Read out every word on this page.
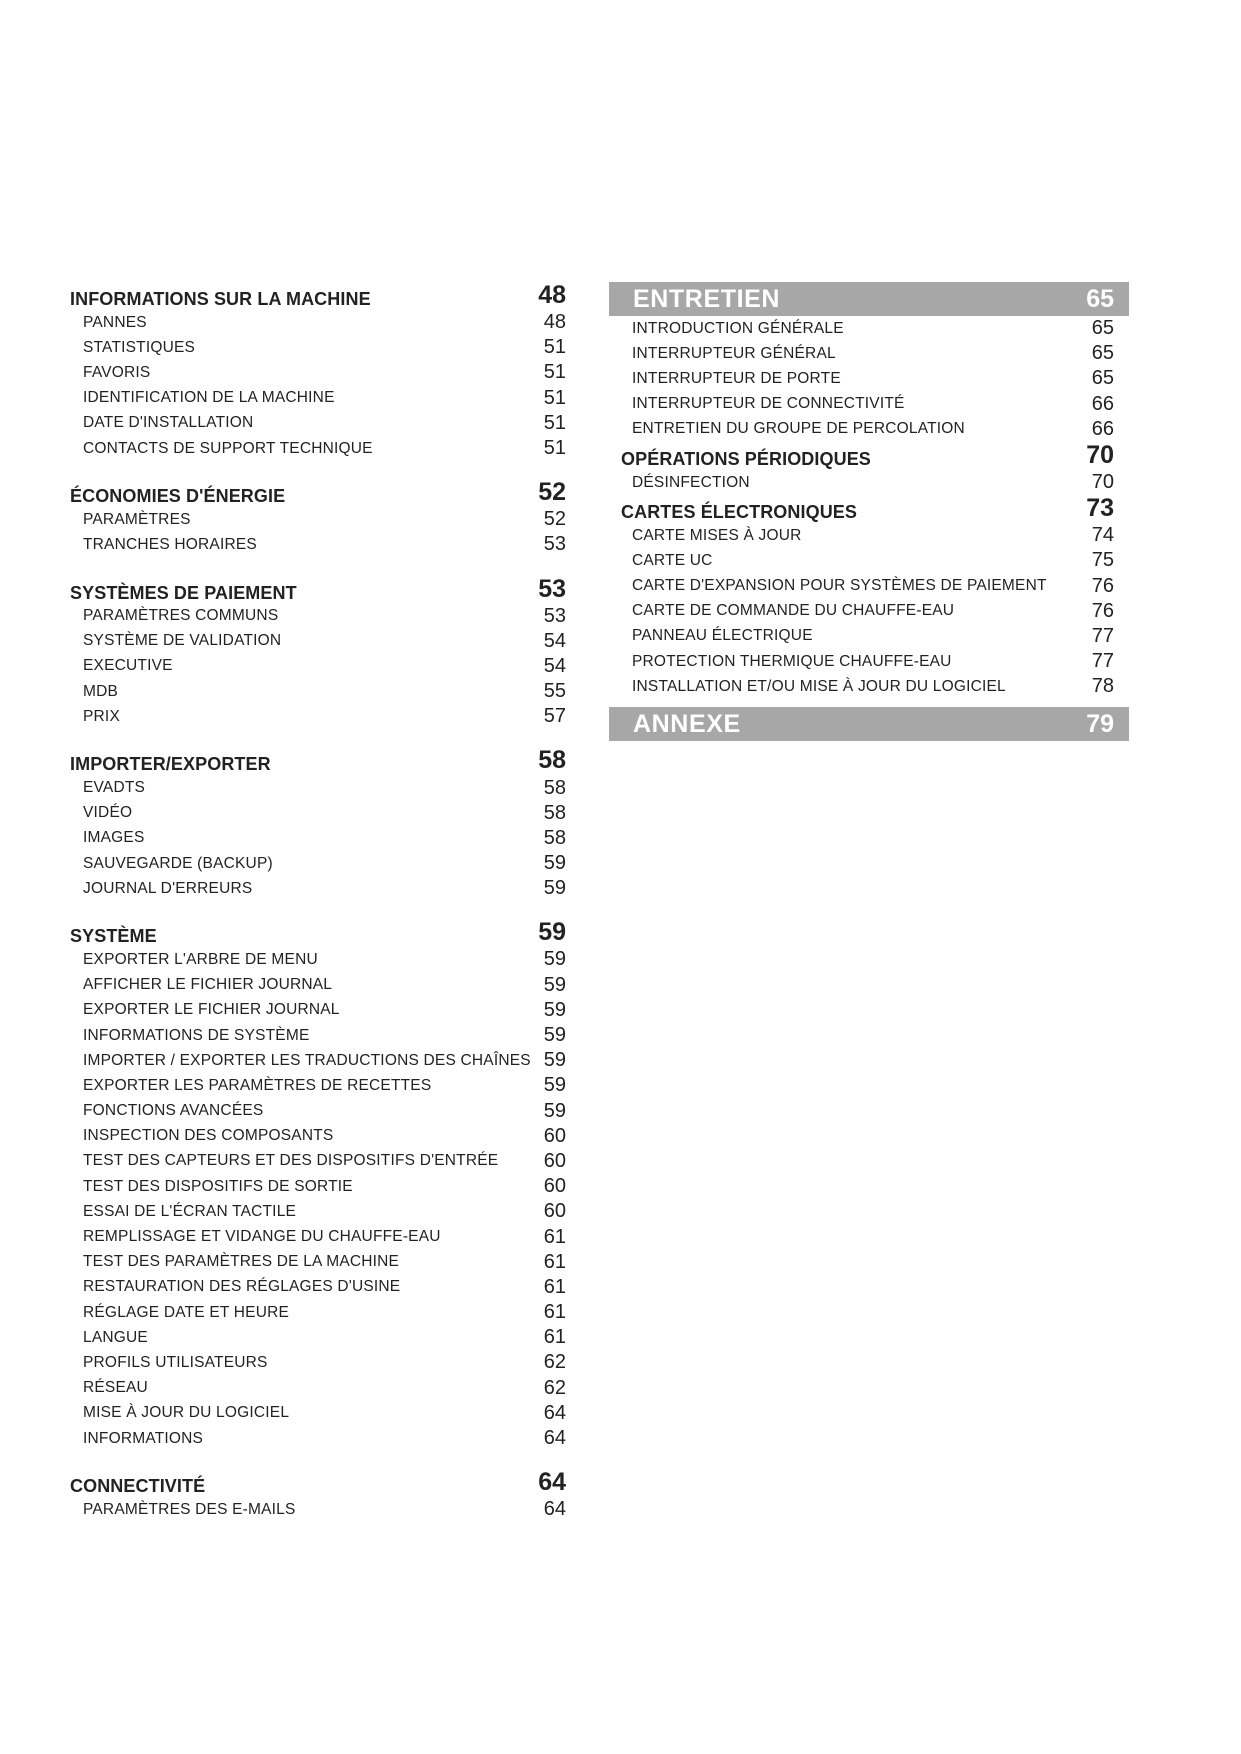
INFORMATIONS SUR LA MACHINE	48
PANNES	48
STATISTIQUES	51
FAVORIS	51
IDENTIFICATION DE LA MACHINE	51
DATE D'INSTALLATION	51
CONTACTS DE SUPPORT TECHNIQUE	51
ÉCONOMIES D'ÉNERGIE	52
PARAMÈTRES	52
TRANCHES HORAIRES	53
SYSTÈMES DE PAIEMENT	53
PARAMÈTRES COMMUNS	53
SYSTÈME DE VALIDATION	54
EXECUTIVE	54
MDB	55
PRIX	57
IMPORTER/EXPORTER	58
EVADTS	58
VIDÉO	58
IMAGES	58
SAUVEGARDE (BACKUP)	59
JOURNAL D'ERREURS	59
SYSTÈME	59
EXPORTER L'ARBRE DE MENU	59
AFFICHER LE FICHIER JOURNAL	59
EXPORTER LE FICHIER JOURNAL	59
INFORMATIONS DE SYSTÈME	59
IMPORTER / EXPORTER LES TRADUCTIONS DES CHAÎNES 59
EXPORTER LES PARAMÈTRES DE RECETTES	59
FONCTIONS AVANCÉES	59
INSPECTION DES COMPOSANTS	60
TEST DES CAPTEURS ET DES DISPOSITIFS D'ENTRÉE 60
TEST DES DISPOSITIFS DE SORTIE	60
ESSAI DE L'ÉCRAN TACTILE	60
REMPLISSAGE ET VIDANGE DU CHAUFFE-EAU	61
TEST DES PARAMÈTRES DE LA MACHINE	61
RESTAURATION DES RÉGLAGES D'USINE	61
RÉGLAGE DATE ET HEURE	61
LANGUE	61
PROFILS UTILISATEURS	62
RÉSEAU	62
MISE À JOUR DU LOGICIEL	64
INFORMATIONS	64
CONNECTIVITÉ	64
PARAMÈTRES DES E-MAILS	64
ENTRETIEN	65
INTRODUCTION GÉNÉRALE	65
INTERRUPTEUR GÉNÉRAL	65
INTERRUPTEUR DE PORTE	65
INTERRUPTEUR DE CONNECTIVITÉ	66
ENTRETIEN DU GROUPE DE PERCOLATION	66
OPÉRATIONS PÉRIODIQUES	70
DÉSINFECTION	70
CARTES ÉLECTRONIQUES	73
CARTE MISES À JOUR	74
CARTE UC	75
CARTE D'EXPANSION POUR SYSTÈMES DE PAIEMENT 76
CARTE DE COMMANDE DU CHAUFFE-EAU	76
PANNEAU ÉLECTRIQUE	77
PROTECTION THERMIQUE CHAUFFE-EAU	77
INSTALLATION ET/OU MISE À JOUR DU LOGICIEL	78
ANNEXE	79
